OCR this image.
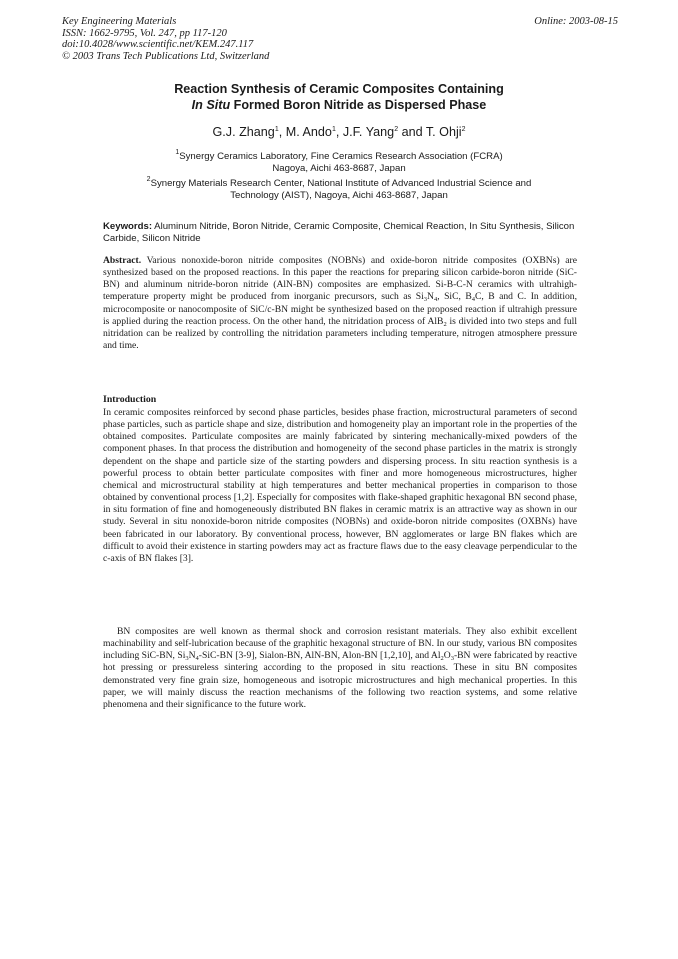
Key Engineering Materials
ISSN: 1662-9795, Vol. 247, pp 117-120
doi:10.4028/www.scientific.net/KEM.247.117
© 2003 Trans Tech Publications Ltd, Switzerland
Online: 2003-08-15
Reaction Synthesis of Ceramic Composites Containing
In Situ Formed Boron Nitride as Dispersed Phase
G.J. Zhang$^1$, M. Ando$^1$, J.F. Yang$^2$ and T. Ohji$^2$
$^1$Synergy Ceramics Laboratory, Fine Ceramics Research Association (FCRA)
Nagoya, Aichi 463-8687, Japan
$^2$Synergy Materials Research Center, National Institute of Advanced Industrial Science and
Technology (AIST), Nagoya, Aichi 463-8687, Japan
Keywords: Aluminum Nitride, Boron Nitride, Ceramic Composite, Chemical Reaction, In Situ Synthesis, Silicon Carbide, Silicon Nitride
Abstract. Various nonoxide-boron nitride composites (NOBNs) and oxide-boron nitride composites (OXBNs) are synthesized based on the proposed reactions. In this paper the reactions for preparing silicon carbide-boron nitride (SiC-BN) and aluminum nitride-boron nitride (AlN-BN) composites are emphasized. Si-B-C-N ceramics with ultrahigh-temperature property might be produced from inorganic precursors, such as $Si_3N_4$, SiC, $B_4C$, B and C. In addition, microcomposite or nanocomposite of SiC/c-BN might be synthesized based on the proposed reaction if ultrahigh pressure is applied during the reaction process. On the other hand, the nitridation process of AlB$_2$ is divided into two steps and full nitridation can be realized by controlling the nitridation parameters including temperature, nitrogen atmosphere pressure and time.
Introduction
In ceramic composites reinforced by second phase particles, besides phase fraction, microstructural parameters of second phase particles, such as particle shape and size, distribution and homogeneity play an important role in the properties of the obtained composites. Particulate composites are mainly fabricated by sintering mechanically-mixed powders of the component phases. In that process the distribution and homogeneity of the second phase particles in the matrix is strongly dependent on the shape and particle size of the starting powders and dispersing process. In situ reaction synthesis is a powerful process to obtain better particulate composites with finer and more homogeneous microstructures, higher chemical and microstructural stability at high temperatures and better mechanical properties in comparison to those obtained by conventional process [1,2]. Especially for composites with flake-shaped graphitic hexagonal BN second phase, in situ formation of fine and homogeneously distributed BN flakes in ceramic matrix is an attractive way as shown in our study. Several in situ nonoxide-boron nitride composites (NOBNs) and oxide-boron nitride composites (OXBNs) have been fabricated in our laboratory. By conventional process, however, BN agglomerates or large BN flakes which are difficult to avoid their existence in starting powders may act as fracture flaws due to the easy cleavage perpendicular to the c-axis of BN flakes [3].
BN composites are well known as thermal shock and corrosion resistant materials. They also exhibit excellent machinability and self-lubrication because of the graphitic hexagonal structure of BN. In our study, various BN composites including SiC-BN, $Si_3N_4-SiC-BN$ [3-9], Sialon-BN, AlN-BN, Alon-BN [1,2,10], and $Al_2O_3-BN$ were fabricated by reactive hot pressing or pressureless sintering according to the proposed in situ reactions. These in situ BN composites demonstrated very fine grain size, homogeneous and isotropic microstructures and high mechanical properties. In this paper, we will mainly discuss the reaction mechanisms of the following two reaction systems, and some relative phenomena and their significance to the future work.
